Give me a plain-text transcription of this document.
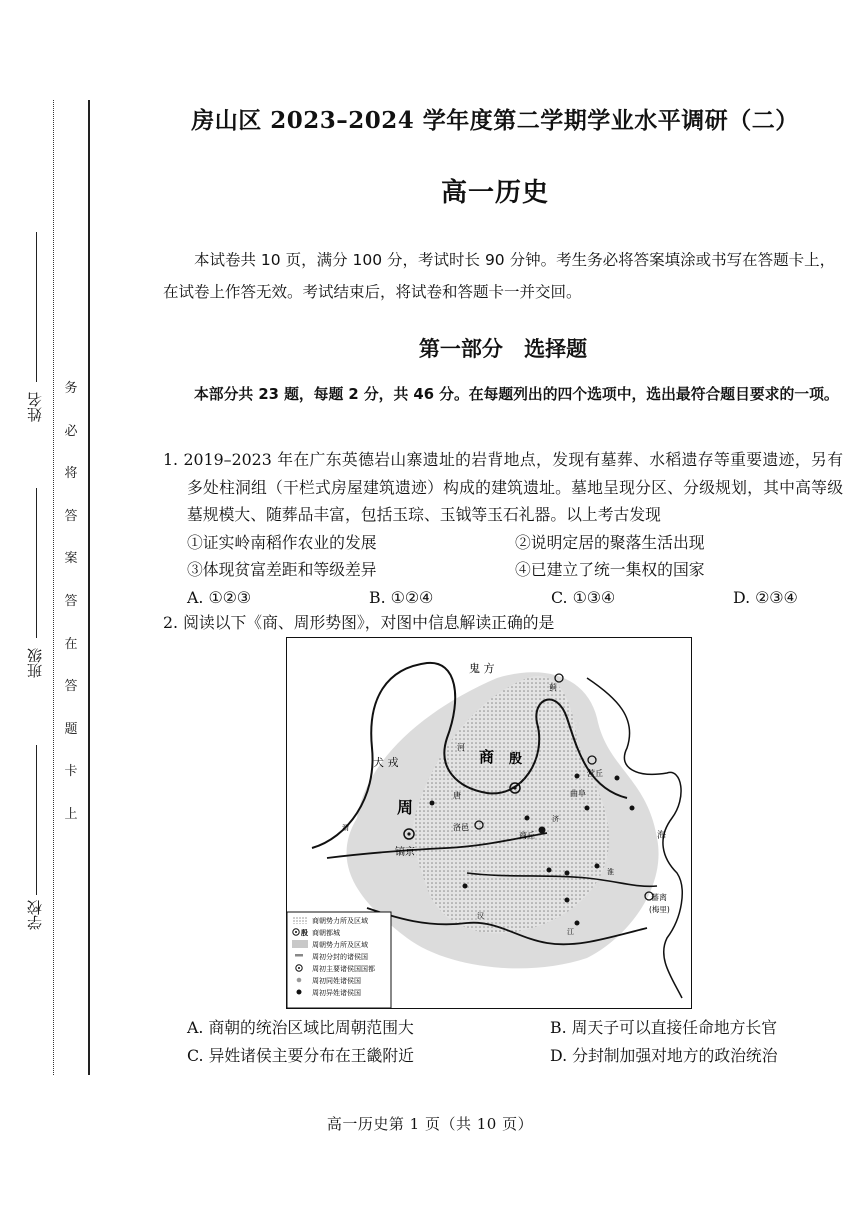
务
必
将
答
案
答
在
答
题
卡
上
姓名
班级
学校
房山区 2023–2024 学年度第二学期学业水平调研（二）
高一历史
本试卷共 10 页，满分 100 分，考试时长 90 分钟。考生务必将答案填涂或书写在答题卡上，在试卷上作答无效。考试结束后，将试卷和答题卡一并交回。
第一部分 选择题
本部分共 23 题，每题 2 分，共 46 分。在每题列出的四个选项中，选出最符合题目要求的一项。
1. 2019–2023 年在广东英德岩山寨遗址的岩背地点，发现有墓葬、水稻遗存等重要遗迹，另有多处柱洞组（干栏式房屋建筑遗迹）构成的建筑遗址。墓地呈现分区、分级规划，其中高等级墓规模大、随葬品丰富，包括玉琮、玉钺等玉石礼器。以上考古发现
①证实岭南稻作农业的发展	②说明定居的聚落生活出现
③体现贫富差距和等级差异	④已建立了统一集权的国家
A. ①②③	B. ①②④	C. ①③④	D. ②③④
2. 阅读以下《商、周形势图》，对图中信息解读正确的是
鬼 方
犬 戎	商 殷
周
镐京
洛邑
商丘
曲阜
营丘
蓟
唐
河
海
蕃离
(梅里)
渭
济
淮
汉
江
商朝势力所及区域
殷 商朝都城
周朝势力所及区域
周初分封的诸侯国
周初主要诸侯国国都
周初同姓诸侯国
周初异姓诸侯国
A. 商朝的统治区域比周朝范围大	B. 周天子可以直接任命地方长官
C. 异姓诸侯主要分布在王畿附近	D. 分封制加强对地方的政治统治
高一历史第 1 页（共 10 页）
